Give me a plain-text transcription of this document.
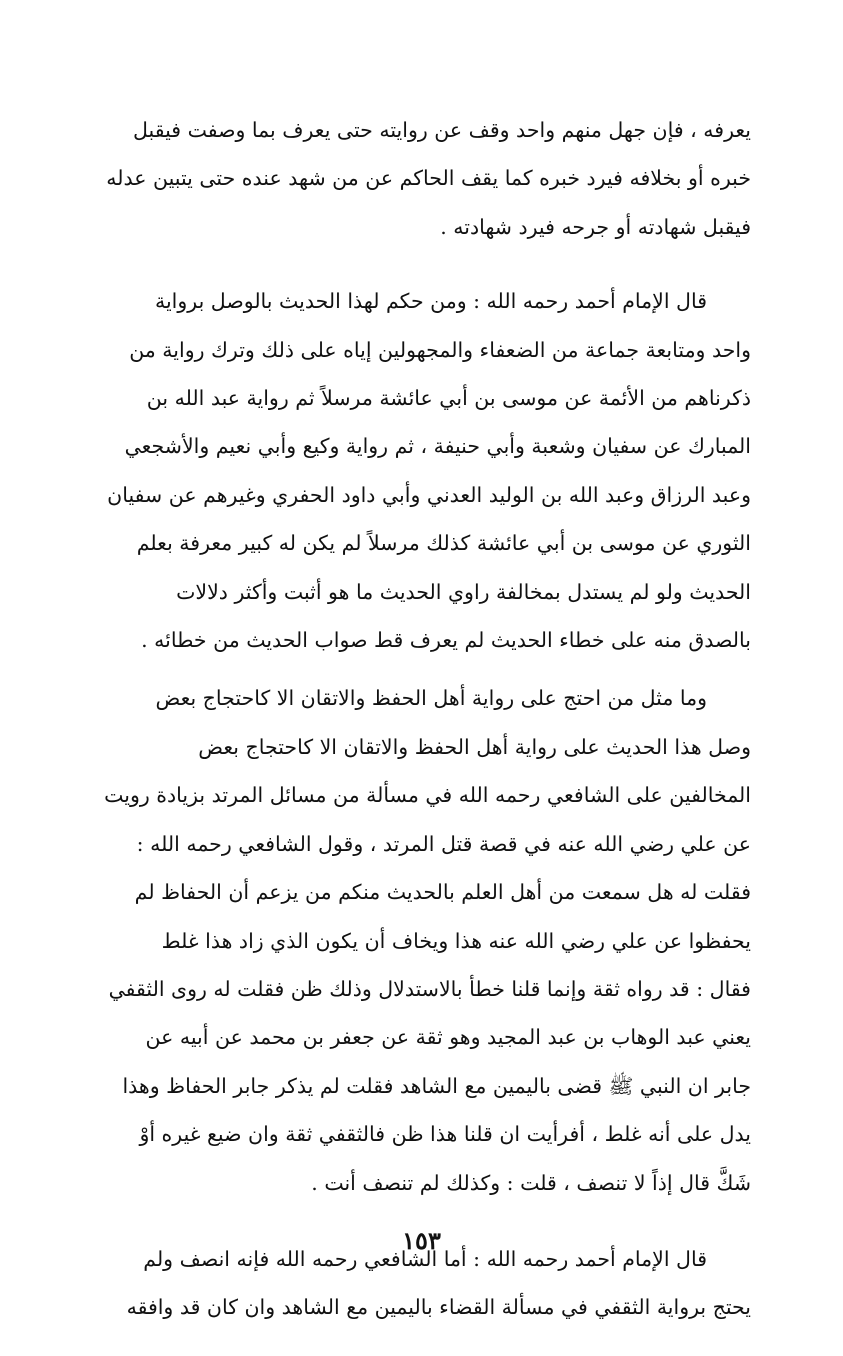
يعرفه ، فإن جهل منهم واحد وقف عن روايته حتى يعرف بما وصفت فيقبل
خبره أو بخلافه فيرد خبره كما يقف الحاكم عن من شهد عنده حتى يتبين عدله
فيقبل شهادته أو جرحه فيرد شهادته .

قال الإمام أحمد رحمه الله : ومن حكم لهذا الحديث بالوصل برواية
واحد ومتابعة جماعة من الضعفاء والمجهولين إياه على ذلك وترك رواية من
ذكرناهم من الأئمة عن موسى بن أبي عائشة مرسلاً ثم رواية عبد الله بن
المبارك عن سفيان وشعبة وأبي حنيفة ، ثم رواية وكيع وأبي نعيم والأشجعي
وعبد الرزاق وعبد الله بن الوليد العدني وأبي داود الحفري وغيرهم عن سفيان
الثوري عن موسى بن أبي عائشة كذلك مرسلاً لم يكن له كبير معرفة بعلم
الحديث ولو لم يستدل بمخالفة راوي الحديث ما هو أثبت وأكثر دلالات
بالصدق منه على خطاء الحديث لم يعرف قط صواب الحديث من خطائه .

وما مثل من احتج على رواية أهل الحفظ والاتقان الا كاحتجاج بعض
وصل هذا الحديث على رواية أهل الحفظ والاتقان الا كاحتجاج بعض
المخالفين على الشافعي رحمه الله في مسألة من مسائل المرتد بزيادة رويت
عن علي رضي الله عنه في قصة قتل المرتد ، وقول الشافعي رحمه الله :
فقلت له هل سمعت من أهل العلم بالحديث منكم من يزعم أن الحفاظ لم
يحفظوا عن علي رضي الله عنه هذا ويخاف أن يكون الذي زاد هذا غلط
فقال : قد رواه ثقة وإنما قلنا خطأ بالاستدلال وذلك ظن فقلت له روى الثقفي
يعني عبد الوهاب بن عبد المجيد وهو ثقة عن جعفر بن محمد عن أبيه عن
جابر ان النبي ﷺ قضى باليمين مع الشاهد فقلت لم يذكر جابر الحفاظ وهذا
يدل على أنه غلط ، أفرأيت ان قلنا هذا ظن فالثقفي ثقة وان ضيع غيره أوْ
شَكَّ قال إذاً لا تنصف ، قلت : وكذلك لم تنصف أنت .

قال الإمام أحمد رحمه الله : أما الشافعي رحمه الله فإنه انصف ولم
يحتج برواية الثقفي في مسألة القضاء باليمين مع الشاهد وان كان قد وافقه

١٥٣
